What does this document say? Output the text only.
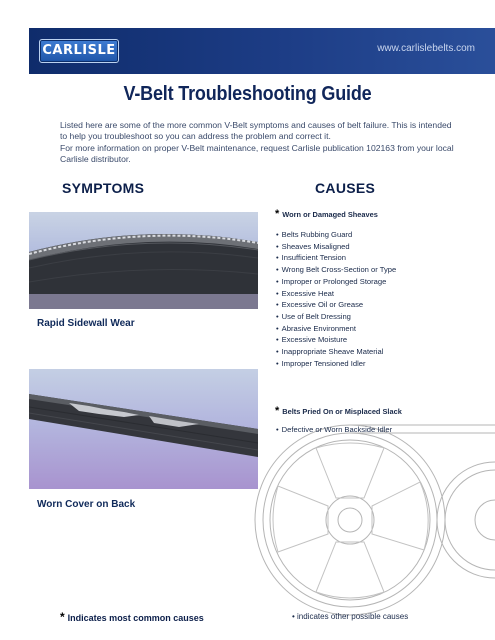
CARLISLE	www.carlislebelts.com
V-Belt Troubleshooting Guide

Listed here are some of the more common V-Belt symptoms and causes of belt failure. This is intended to help you troubleshoot so you can address the problem and correct it.

For more information on proper V-Belt maintenance, request Carlisle publication 102163 from your local Carlisle distributor.

SYMPTOMS	CAUSES
Rapid Sidewall Wear
Worn Cover on Back
* Worn or Damaged Sheaves
• Belts Rubbing Guard
• Sheaves Misaligned
• Insufficient Tension
• Wrong Belt Cross-Section or Type
• Improper or Prolonged Storage
• Excessive Heat
• Excessive Oil or Grease
• Use of Belt Dressing
• Abrasive Environment
• Excessive Moisture
• Inappropriate Sheave Material
• Improper Tensioned Idler
* Belts Pried On or Misplaced Slack
• Defective or Worn Backside Idler
* Indicates most common causes	• indicates other possible causes
